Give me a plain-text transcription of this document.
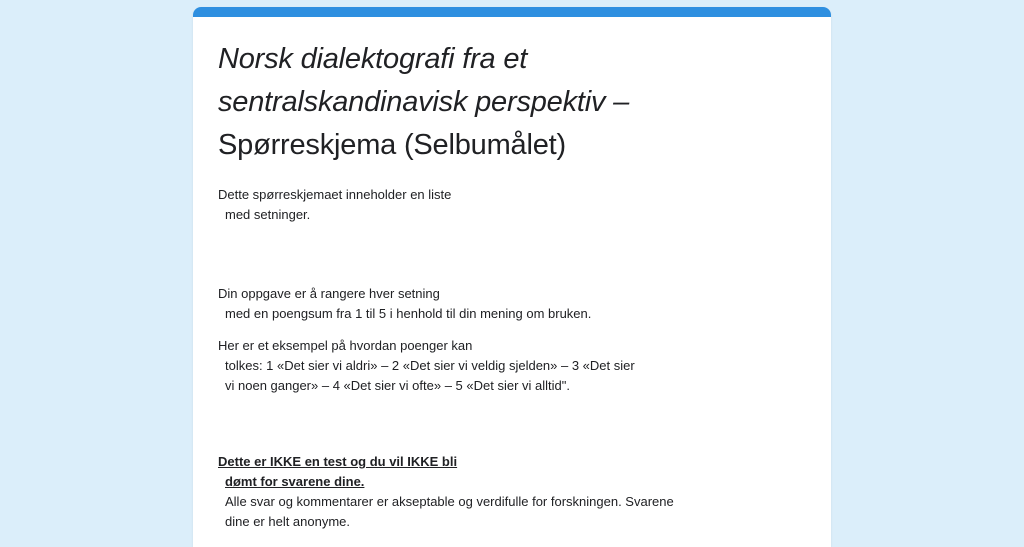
Norsk dialektografi fra et
sentralskandinavisk perspektiv –
Spørreskjema (Selbumålet)

Dette spørreskjemaet inneholder en liste
med setninger.

Din oppgave er å rangere hver setning
med en poengsum fra 1 til 5 i henhold til din mening om bruken.

Her er et eksempel på hvordan poenger kan
tolkes: 1 «Det sier vi aldri» – 2 «Det sier vi veldig sjelden» – 3 «Det sier
vi noen ganger» – 4 «Det sier vi ofte» – 5 «Det sier vi alltid".

Dette er IKKE en test og du vil IKKE bli
dømt for svarene dine.

Alle svar og kommentarer er akseptable og verdifulle for forskningen. Svarene
dine er helt anonyme.
